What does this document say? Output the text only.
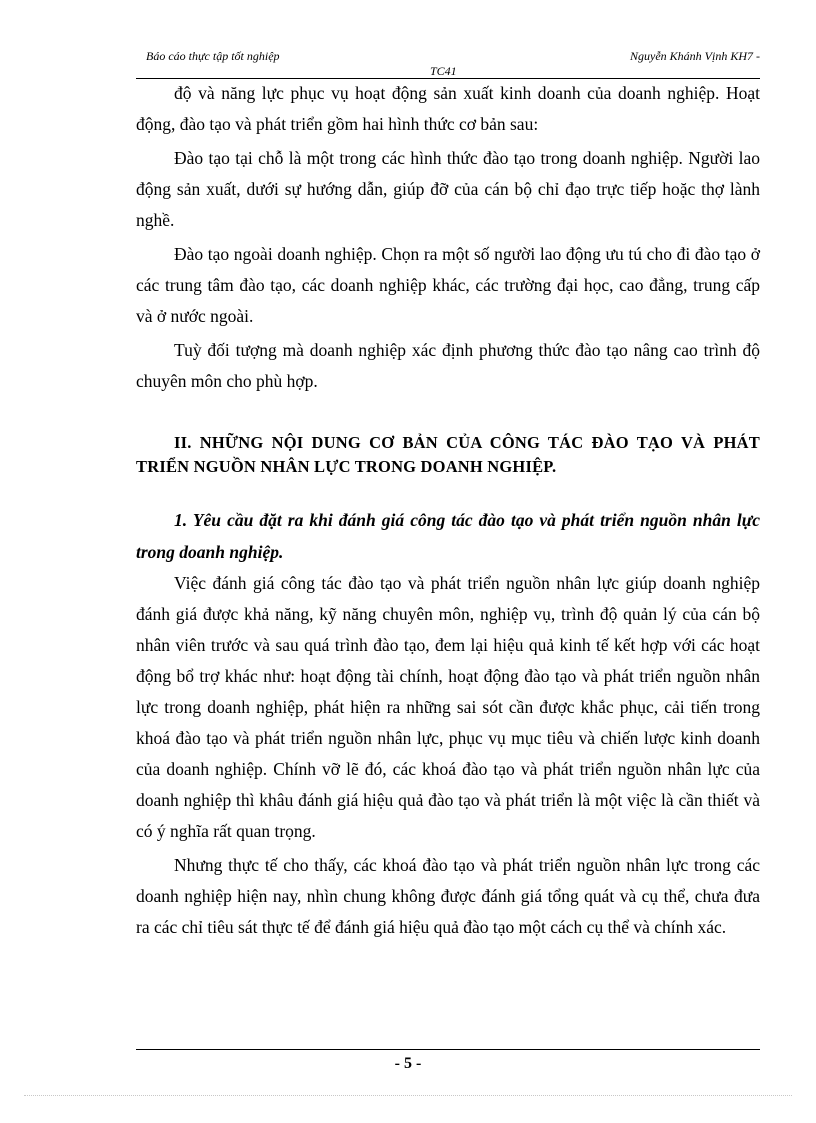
Báo cáo thực tập tốt nghiệp	Nguyễn Khánh Vịnh KH7 -
TC41

độ và năng lực phục vụ hoạt động sản xuất kinh doanh của doanh nghiệp. Hoạt động, đào tạo và phát triển gồm hai hình thức cơ bản sau:

Đào tạo tại chỗ là một trong các hình thức đào tạo trong doanh nghiệp. Người lao động sản xuất, dưới sự hướng dẫn, giúp đỡ của cán bộ chỉ đạo trực tiếp hoặc thợ lành nghề.

Đào tạo ngoài doanh nghiệp. Chọn ra một số người lao động ưu tú cho đi đào tạo ở các trung tâm đào tạo, các doanh nghiệp khác, các trường đại học, cao đẳng, trung cấp và ở nước ngoài.

Tuỳ đối tượng mà doanh nghiệp xác định phương thức đào tạo nâng cao trình độ chuyên môn cho phù hợp.

II. NHỮNG NỘI DUNG CƠ BẢN CỦA CÔNG TÁC ĐÀO TẠO VÀ PHÁT TRIỂN NGUỒN NHÂN LỰC TRONG DOANH NGHIỆP.

1. Yêu cầu đặt ra khi đánh giá công tác đào tạo và phát triển nguồn nhân lực trong doanh nghiệp.

Việc đánh giá công tác đào tạo và phát triển nguồn nhân lực giúp doanh nghiệp đánh giá được khả năng, kỹ năng chuyên môn, nghiệp vụ, trình độ quản lý của cán bộ nhân viên trước và sau quá trình đào tạo, đem lại hiệu quả kinh tế kết hợp với các hoạt động bổ trợ khác như: hoạt động tài chính, hoạt động đào tạo và phát triển nguồn nhân lực trong doanh nghiệp, phát hiện ra những sai sót cần được khắc phục, cải tiến trong khoá đào tạo và phát triển nguồn nhân lực, phục vụ mục tiêu và chiến lược kinh doanh của doanh nghiệp. Chính vỡ lẽ đó, các khoá đào tạo và phát triển nguồn nhân lực của doanh nghiệp thì khâu đánh giá hiệu quả đào tạo và phát triển là một việc là cần thiết và có ý nghĩa rất quan trọng.

Nhưng thực tế cho thấy, các khoá đào tạo và phát triển nguồn nhân lực trong các doanh nghiệp hiện nay, nhìn chung không được đánh giá tổng quát và cụ thể, chưa đưa ra các chỉ tiêu sát thực tế để đánh giá hiệu quả đào tạo một cách cụ thể và chính xác.

- 5 -
